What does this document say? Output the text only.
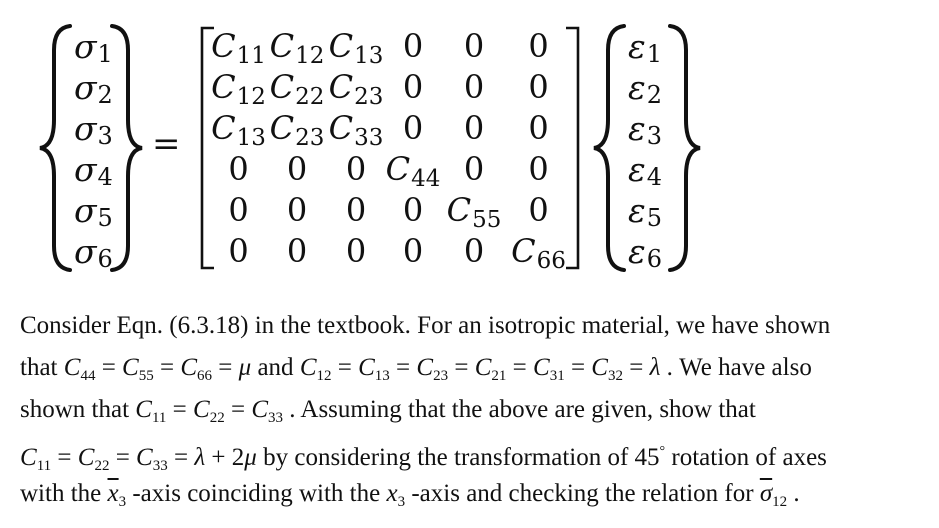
σ1
σ2
σ3
σ4
σ5
σ6
=
$C_{11}$ $C_{12}$ $C_{13}$ 0	0	0
$C_{12}$ $C_{22}$ $C_{23}$ 0	0	0
$C_{13}$ $C_{23}$ $C_{33}$ 0	0	0
0	0	0 $C_{44}$ 0	0
0	0	0	0 $C_{55}$ 0
0	0	0	0	0 $C_{66}$
ε1
ε2
ε3
ε4
ε5
ε6
Consider Eqn. (6.3.18) in the textbook. For an isotropic material, we have shown
that $C_{44} = C_{55} = C_{66} = \mu$ and $C_{12} = C_{13} = C_{23} = C_{21} = C_{31} = C_{32} = \lambda$ . We have also
shown that $C_{11} = C_{22} = C_{33}$ . Assuming that the above are given, show that
$C_{11} = C_{22} = C_{33} = \lambda + 2\mu$ by considering the transformation of 45° rotation of axes
with the $\overline{x}_3$ -axis coinciding with the $x_3$ -axis and checking the relation for $\overline{\sigma}_{12}$ .
